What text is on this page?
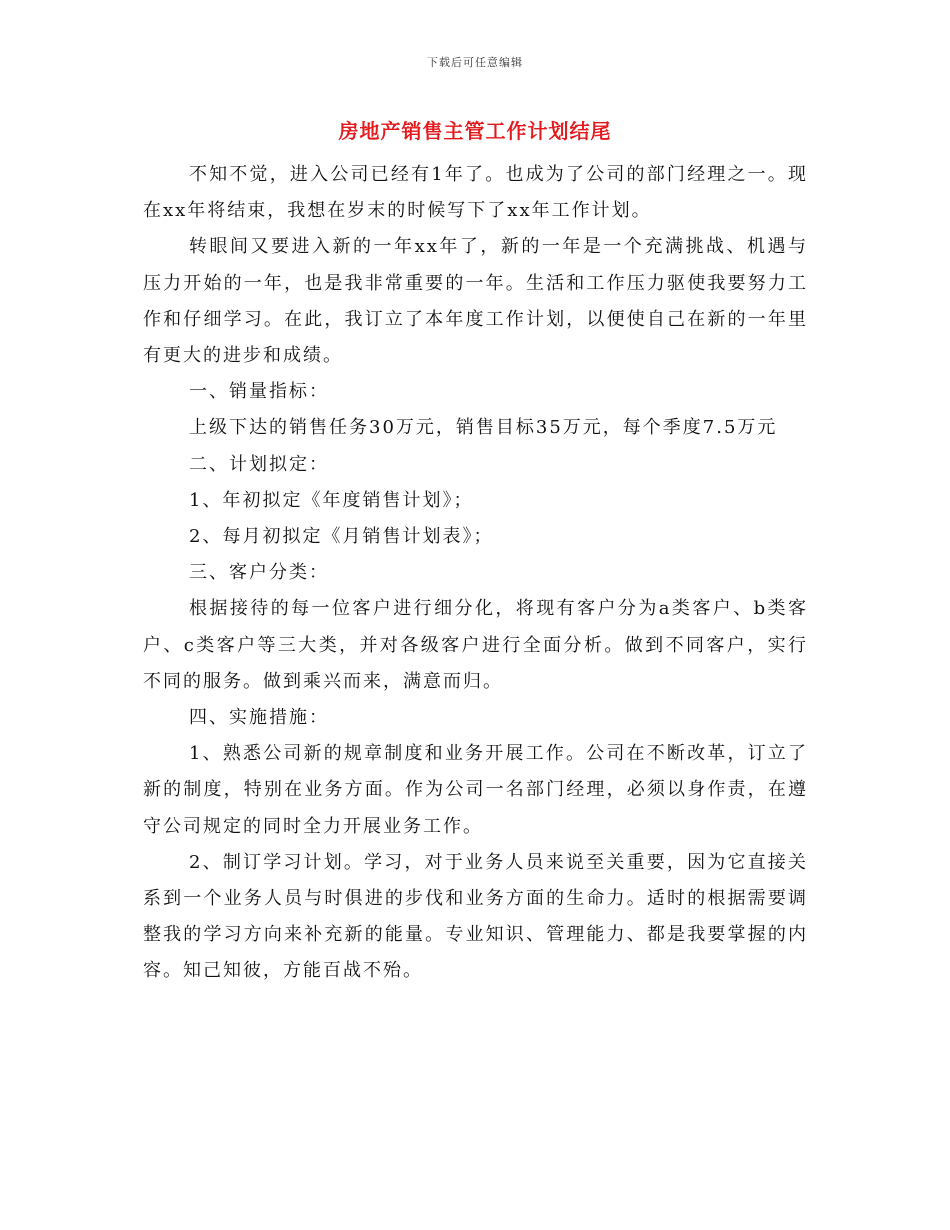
下载后可任意编辑
房地产销售主管工作计划结尾

不知不觉，进入公司已经有1年了。也成为了公司的部门经理之一。现在xx年将结束，我想在岁末的时候写下了xx年工作计划。

转眼间又要进入新的一年xx年了，新的一年是一个充满挑战、机遇与压力开始的一年，也是我非常重要的一年。生活和工作压力驱使我要努力工作和仔细学习。在此，我订立了本年度工作计划，以便使自己在新的一年里有更大的进步和成绩。

一、销量指标：

上级下达的销售任务30万元，销售目标35万元，每个季度7.5万元

二、计划拟定：

1、年初拟定《年度销售计划》；

2、每月初拟定《月销售计划表》；

三、客户分类：

根据接待的每一位客户进行细分化，将现有客户分为a类客户、b类客户、c类客户等三大类，并对各级客户进行全面分析。做到不同客户，实行不同的服务。做到乘兴而来，满意而归。

四、实施措施：

1、熟悉公司新的规章制度和业务开展工作。公司在不断改革，订立了新的制度，特别在业务方面。作为公司一名部门经理，必须以身作责，在遵守公司规定的同时全力开展业务工作。

2、制订学习计划。学习，对于业务人员来说至关重要，因为它直接关系到一个业务人员与时俱进的步伐和业务方面的生命力。适时的根据需要调整我的学习方向来补充新的能量。专业知识、管理能力、都是我要掌握的内容。知己知彼，方能百战不殆。
